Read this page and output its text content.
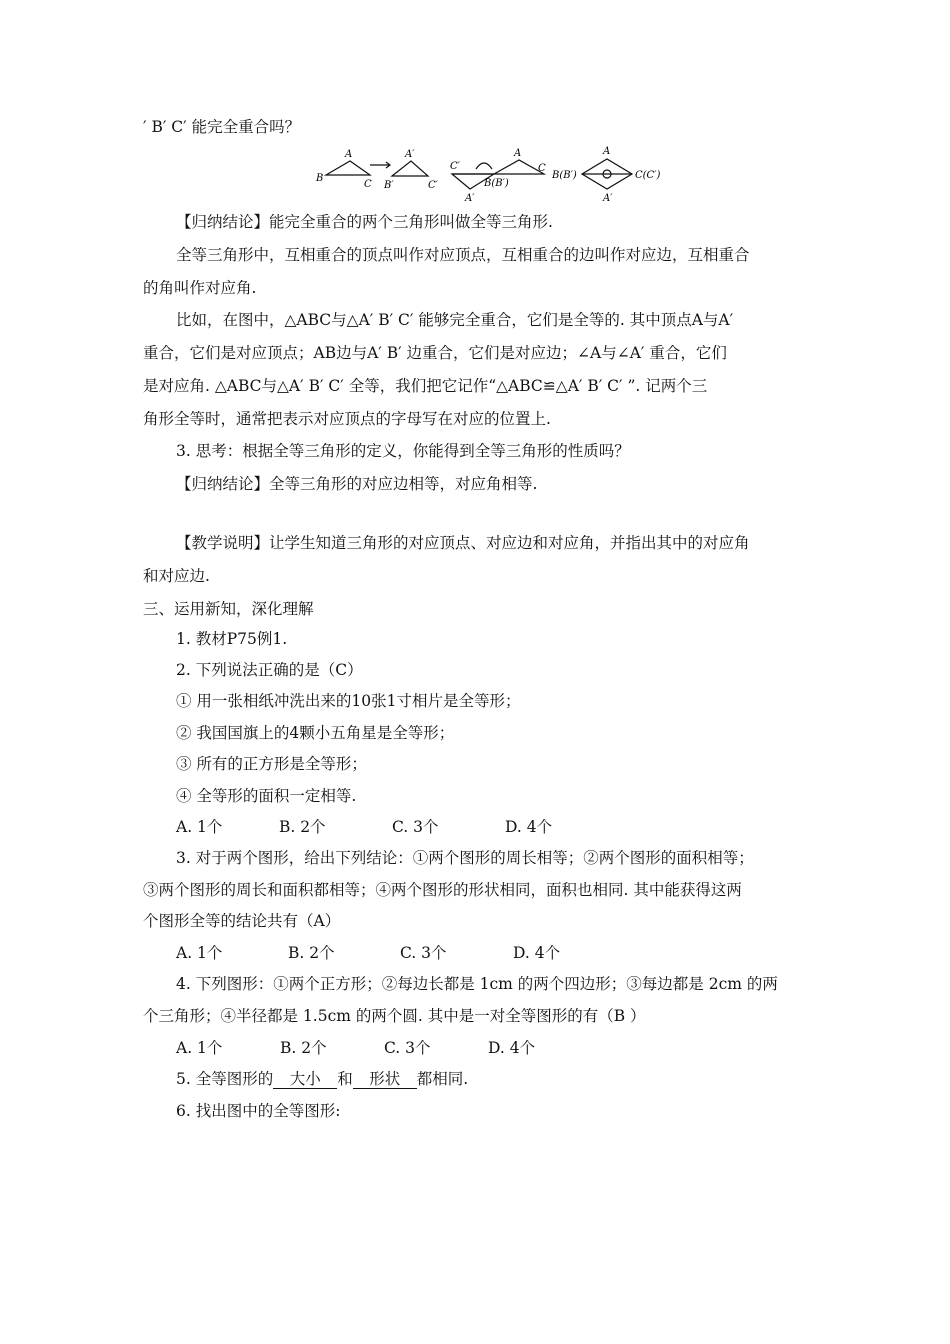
′ B′ C′ 能完全重合吗？
A
B
C
A′
B′	C′
C′
A
C
A′
B(B′)
A
B(B′)	C(C′)
A′
【归纳结论】能完全重合的两个三角形叫做全等三角形.
全等三角形中，互相重合的顶点叫作对应顶点，互相重合的边叫作对应边，互相重合
的角叫作对应角.
比如，在图中，△ABC与△A′ B′ C′ 能够完全重合，它们是全等的. 其中顶点A与A′
重合，它们是对应顶点；AB边与A′ B′ 边重合，它们是对应边；∠A与∠A′ 重合，它们
是对应角. △ABC与△A′ B′ C′ 全等，我们把它记作“△ABC≌△A′ B′ C′ ”. 记两个三
角形全等时，通常把表示对应顶点的字母写在对应的位置上.
3. 思考：根据全等三角形的定义，你能得到全等三角形的性质吗？
【归纳结论】全等三角形的对应边相等，对应角相等.
【教学说明】让学生知道三角形的对应顶点、对应边和对应角，并指出其中的对应角
和对应边.
三、运用新知，深化理解
1. 教材P75例1.
2. 下列说法正确的是（C）
① 用一张相纸冲洗出来的10张1寸相片是全等形；
② 我国国旗上的4颗小五角星是全等形；
③ 所有的正方形是全等形；
④ 全等形的面积一定相等.
A. 1个	B. 2个	C. 3个	D. 4个
3. 对于两个图形，给出下列结论：①两个图形的周长相等；②两个图形的面积相等；
③两个图形的周长和面积都相等；④两个图形的形状相同，面积也相同. 其中能获得这两
个图形全等的结论共有（A）
A. 1个	B. 2个	C. 3个	D. 4个
4. 下列图形：①两个正方形；②每边长都是 1cm 的两个四边形；③每边都是 2cm 的两
个三角形；④半径都是 1.5cm 的两个圆. 其中是一对全等图形的有（B ）
A. 1个	B. 2个	C. 3个	D. 4个
5. 全等图形的 大小 和 形状 都相同.
6. 找出图中的全等图形:
